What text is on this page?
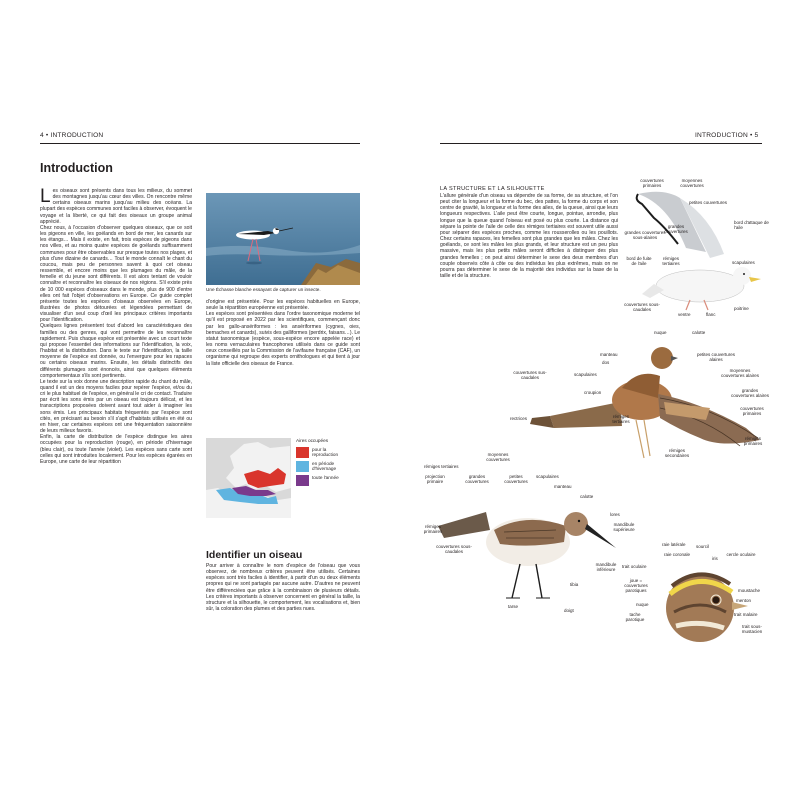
4 • INTRODUCTION
Introduction
L es oiseaux sont présents dans tous les milieux, du sommet des montagnes jusqu'au cœur des villes. On rencontre même certains oiseaux marins jusqu'au milieu des océans. La plupart des espèces communes sont faciles à observer, évoquent le voyage et la liberté, ce qui fait des oiseaux un groupe animal apprécié.

Chez nous, à l'occasion d'observer quelques oiseaux, que ce soit les pigeons en ville, les goélands en bord de mer, les canards sur les étangs… Mais il existe, en fait, trois espèces de pigeons dans nos villes, et au moins quatre espèces de goélands suffisamment communes pour être observables sur presque toutes nos plages, et plus d'une dizaine de canards… Tout le monde connaît le chant du coucou, mais peu de personnes savent à quoi cet oiseau ressemble, et encore moins que les plumages du mâle, de la femelle et du jeune sont différents. Il est alors tentant de vouloir connaître et reconnaître les oiseaux de nos régions. S'il existe près de 10 000 espèces d'oiseaux dans le monde, plus de 900 d'entre elles ont fait l'objet d'observations en Europe. Ce guide complet présente toutes les espèces d'oiseaux observées en Europe, illustrées de photos détourées et légendées permettant de visualiser d'un seul coup d'œil les principaux critères importants pour l'identification.

Quelques lignes présentent tout d'abord les caractéristiques des familles ou des genres, qui vont permettre de les reconnaître rapidement. Puis chaque espèce est présentée avec un court texte qui propose l'essentiel des informations sur l'identification, la voix, l'habitat et la distribution. Dans le texte sur l'identification, la taille moyenne de l'espèce est donnée, ou l'envergure pour les rapaces ou certains oiseaux marins. Ensuite, les détails distinctifs des différents plumages sont énoncés, ainsi que quelques éléments comportementaux s'ils sont pertinents.

Le texte sur la voix donne une description rapide du chant du mâle, quand il est un des moyens faciles pour repérer l'espèce, et/ou du cri le plus habituel de l'espèce, en général le cri de contact. Traduire par écrit les sons émis par un oiseau est toujours délicat, et les transcriptions proposées doivent avant tout aider à imaginer les sons émis. Les principaux habitats fréquentés par l'espèce sont cités, en précisant au besoin s'il s'agit d'habitats utilisés en été ou en hiver, car certaines espèces ont une fréquentation saisonnière de leurs milieux favoris.

Enfin, la carte de distribution de l'espèce distingue les aires occupées pour la reproduction (rouge), en période d'hivernage (bleu clair), ou toute l'année (violet). Les espèces sans carte sont celles qui sont introduites localement. Pour les espèces égarées en Europe, une carte de leur répartition

Une Échasse blanche essayant de capturer un insecte.

d'origine est présentée. Pour les espèces habituelles en Europe, seule la répartition européenne est présentée.

Les espèces sont présentées dans l'ordre taxonomique moderne tel qu'il est proposé en 2022 par les scientifiques, commençant donc par les gallo-ansériformes : les ansériformes (cygnes, oies, bernaches et canards), suivis des galliformes (perdrix, faisans…). Le statut taxonomique (espèce, sous-espèce encore appelée race) et les noms vernaculaires francophones utilisés dans ce guide sont ceux conseillés par la Commission de l'avifaune française (CAF), un organisme qui regroupe des experts ornithologues et qui tient à jour la liste officielle des oiseaux de France.

Aires occupées
pour la reproduction
en période d'hivernage
toute l'année
Identifier un oiseau

Pour arriver à connaître le nom d'espèce de l'oiseau que vous observez, de nombreux critères peuvent être utilisés. Certaines espèces sont très faciles à identifier, à partir d'un ou deux éléments propres qui ne sont partagés par aucune autre. D'autres ne peuvent être différenciées que grâce à la combinaison de plusieurs détails. Les critères importants à observer concernent en général la taille, la structure et la silhouette, le comportement, les vocalisations et, bien sûr, la coloration des plumes et des parties nues.

INTRODUCTION • 5
LA STRUCTURE ET LA SILHOUETTE

L'allure générale d'un oiseau va dépendre de sa forme, de sa structure, et l'on peut citer la longueur et la forme du bec, des pattes, la forme du corps et son centre de gravité, la longueur et la forme des ailes, de la queue, ainsi que leurs longueurs respectives. L'aile peut être courte, longue, pointue, arrondie, plus longue que la queue quand l'oiseau est posé ou plus courte. La distance qui sépare la pointe de l'aile de celle des rémiges tertiaires est souvent utile aussi pour séparer des espèces proches, comme les rousserolles ou les pouillots. Chez certains rapaces, les femelles sont plus grandes que les mâles. Chez les goélands, ce sont les mâles les plus grands, et leur structure est un peu plus massive, mais les plus petits mâles seront difficiles à distinguer des plus grandes femelles ; on peut ainsi déterminer le sexe des deux membres d'un couple observés côte à côte ou des individus les plus extrêmes, mais on ne pourra pas déterminer le sexe de la majorité des individus sur la base de la taille et de la structure.

couvertures primaires
moyennes couvertures
petites couvertures
bord d'attaque de l'aile
grandes couvertures sous-alaires
grandes couvertures
scapulaires
bord de fuite de l'aile
rémiges tertiaires
couvertures sous-caudales
ventre	flanc
poitrine
nuque	calotte
manteau
dos
petites couvertures alaires
moyennes couvertures alaires
scapulaires
couvertures sus-caudales
croupion	grandes couvertures alaires
couvertures primaires
rectrices	rémiges tertiaires
rémiges secondaires
rémiges primaires
moyennes couvertures
rémiges tertiaires
projection primaire
grandes couvertures
petites couvertures
scapulaires
manteau
calotte
lores
mandibule supérieure
mandibule inférieure
rémiges primaires
couvertures sous-caudales
tibia
tarse
doigt
raie latérale sourcil
cercle oculaire
raie coronale
iris
trait oculaire
joue = couvertures parotiques	moustache
menton
nuque
tache parotique
trait malaire
trait sous-mustacien
